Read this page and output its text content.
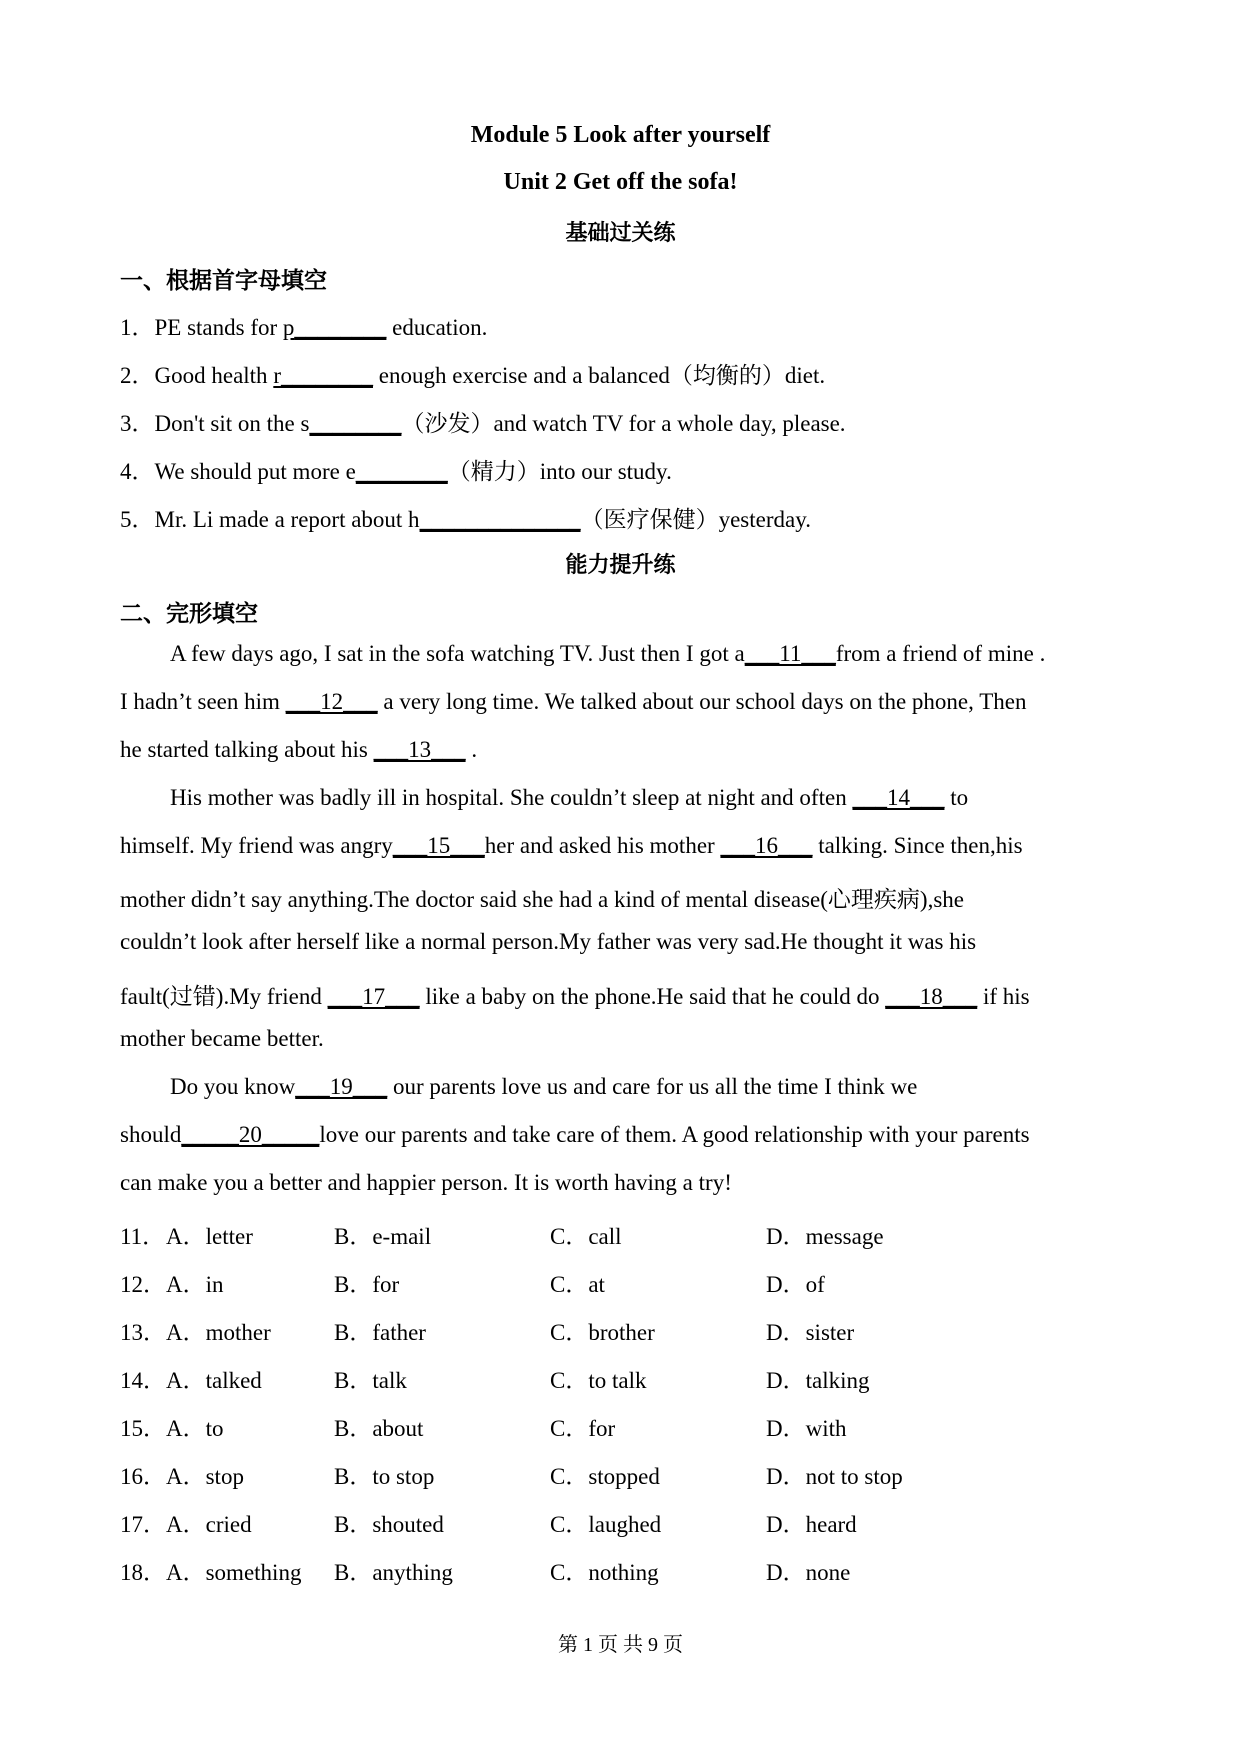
Module 5 Look after yourself
Unit 2 Get off the sofa!
基础过关练
一、根据首字母填空
1．PE stands for p________ education.
2．Good health r________ enough exercise and a balanced（均衡的）diet.
3．Don't sit on the s________（沙发）and watch TV for a whole day, please.
4．We should put more e________（精力）into our study.
5．Mr. Li made a report about h______________（医疗保健）yesterday.
能力提升练
二、完形填空
A few days ago, I sat in the sofa watching TV. Just then I got a___11___from a friend of mine .
I hadn’t seen him ___12___ a very long time. We talked about our school days on the phone, Then
he started talking about his ___13___ .
His mother was badly ill in hospital. She couldn’t sleep at night and often ___14___ to
himself. My friend was angry___15___her and asked his mother ___16___ talking. Since then,his
mother didn’t say anything.The doctor said she had a kind of mental disease(心理疾病),she
couldn’t look after herself like a normal person.My father was very sad.He thought it was his
fault(过错).My friend ___17___ like a baby on the phone.He said that he could do ___18___ if his
mother became better.
Do you know___19___ our parents love us and care for us all the time I think we
should_____20_____love our parents and take care of them. A good relationship with your parents
can make you a better and happier person. It is worth having a try!
11． A．letter	B．e-mail	C．call	D．message
12． A．in	B．for	C．at	D．of
13． A．mother	B．father	C．brother	D．sister
14． A．talked	B．talk	C．to talk	D．talking
15． A．to	B．about	C．for	D．with
16． A．stop	B．to stop	C．stopped	D．not to stop
17． A．cried	B．shouted	C．laughed	D．heard
18． A．something B．anything	C．nothing	D．none
第 1 页 共 9 页
